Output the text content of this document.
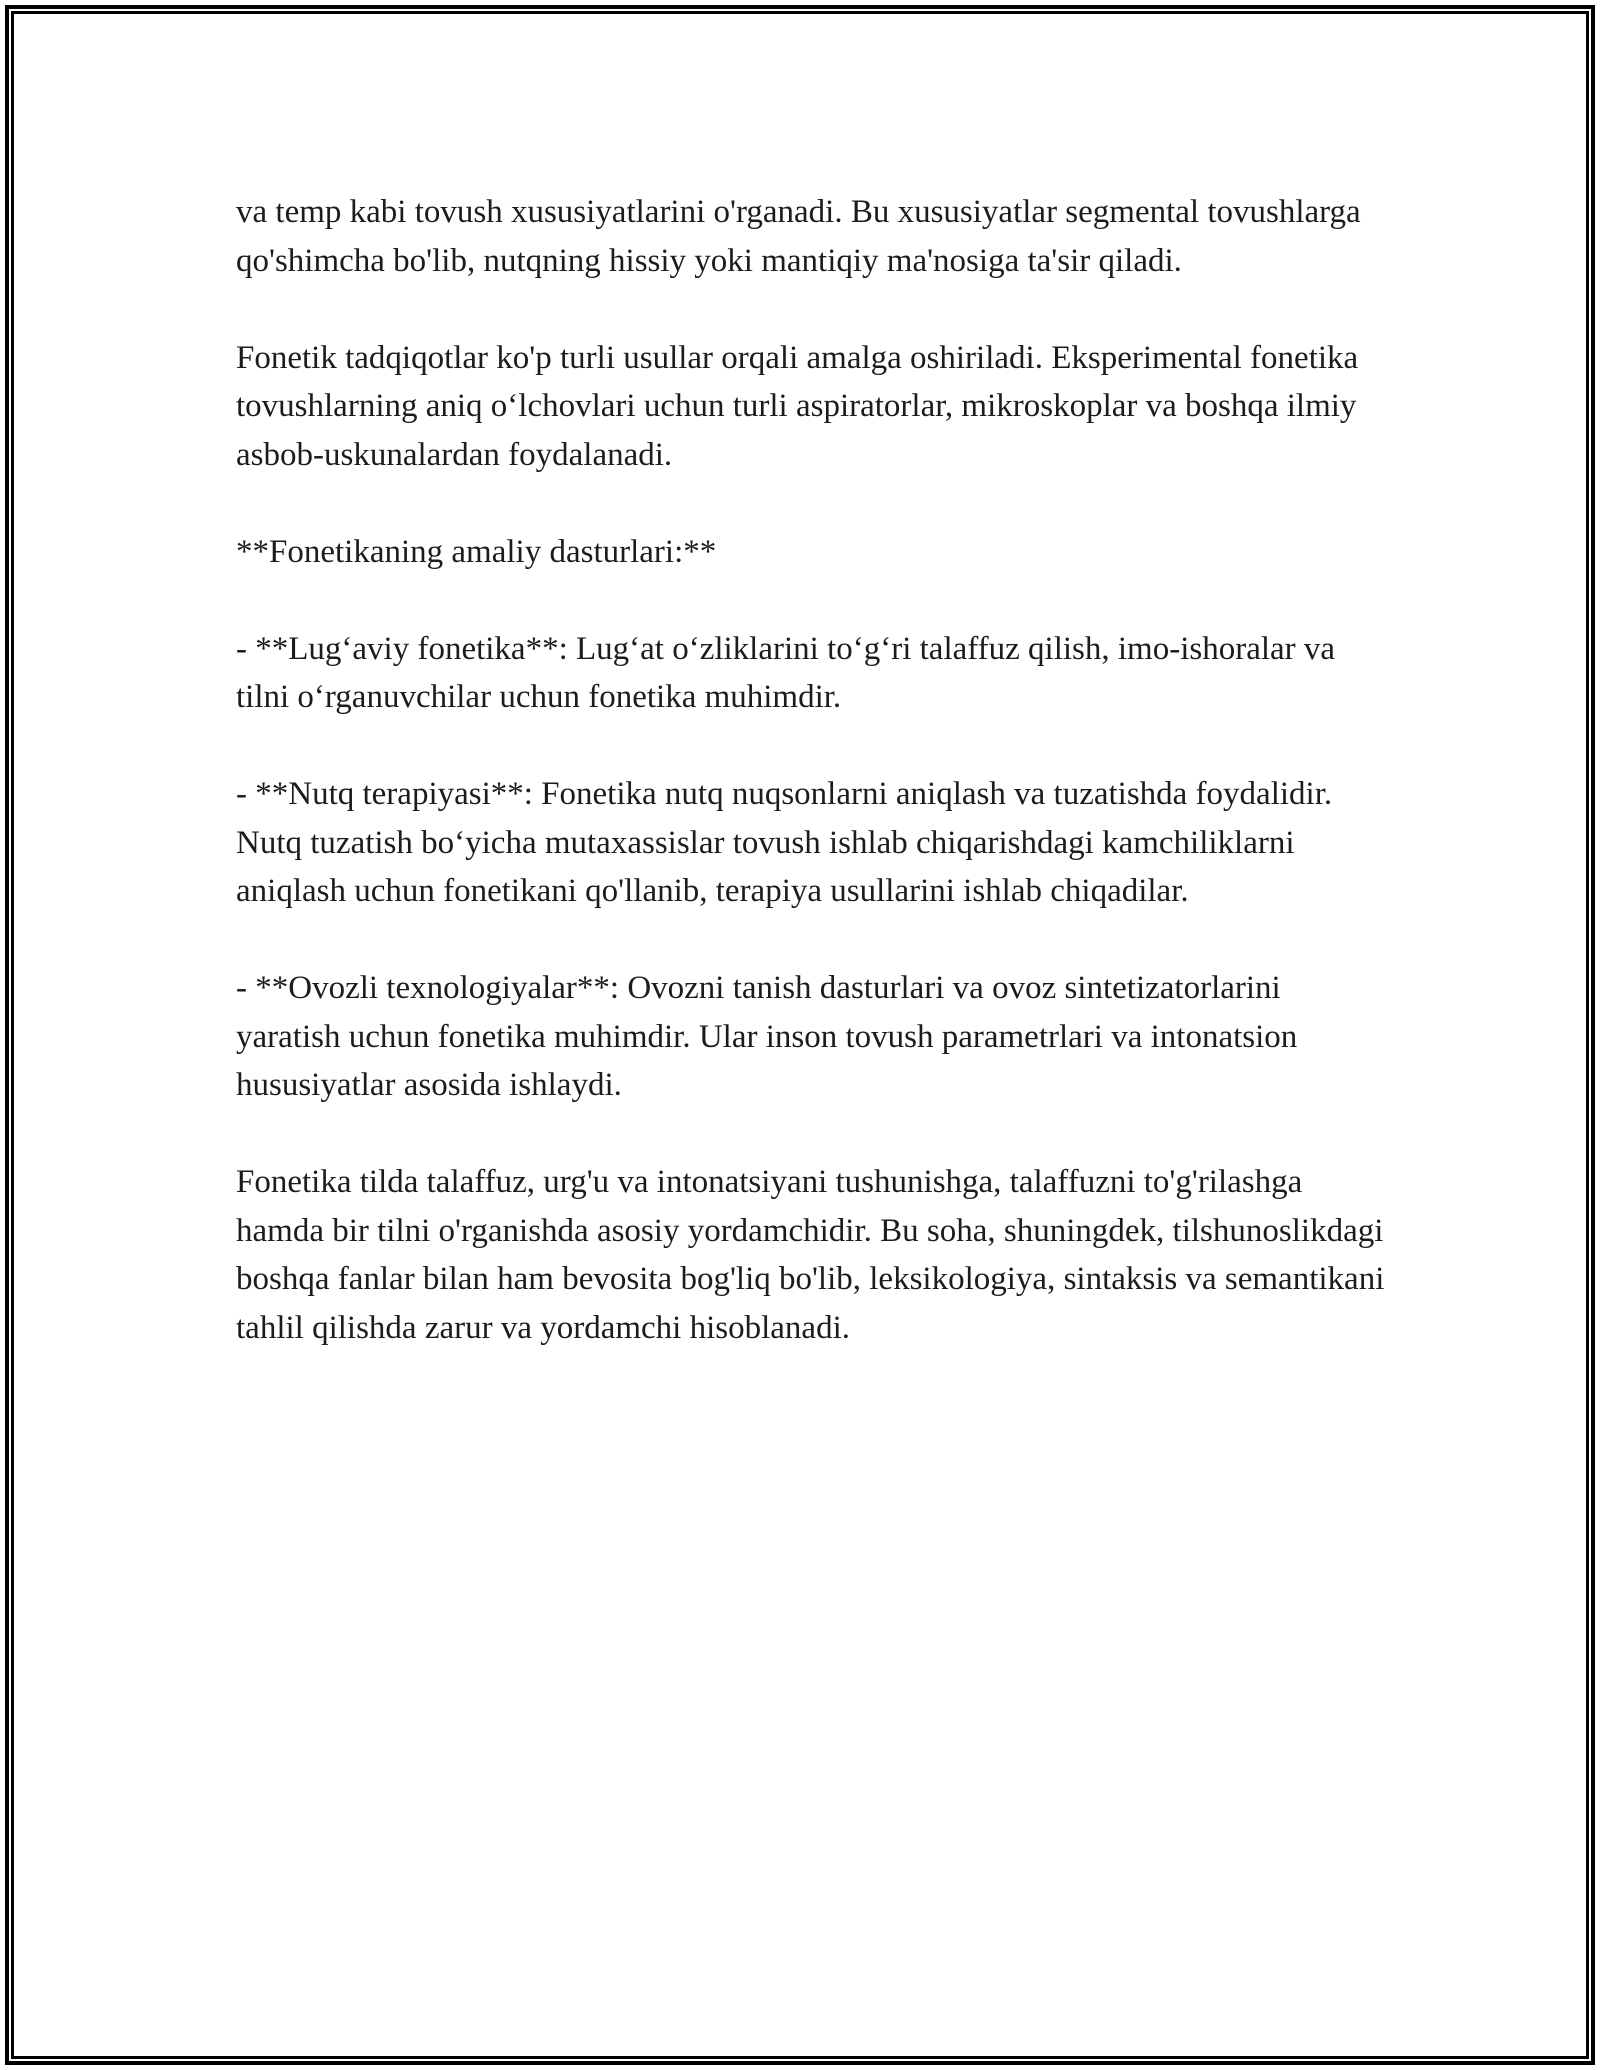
va temp kabi tovush xususiyatlarini o'rganadi. Bu xususiyatlar segmental tovushlarga qo'shimcha bo'lib, nutqning hissiy yoki mantiqiy ma'nosiga ta'sir qiladi.

Fonetik tadqiqotlar ko'p turli usullar orqali amalga oshiriladi. Eksperimental fonetika tovushlarning aniq o‘lchovlari uchun turli aspiratorlar, mikroskoplar va boshqa ilmiy asbob-uskunalardan foydalanadi.

**Fonetikaning amaliy dasturlari:**

- **Lug‘aviy fonetika**: Lug‘at o‘zliklarini to‘g‘ri talaffuz qilish, imo-ishoralar va tilni o‘rganuvchilar uchun fonetika muhimdir.

- **Nutq terapiyasi**: Fonetika nutq nuqsonlarni aniqlash va tuzatishda foydalidir. Nutq tuzatish bo‘yicha mutaxassislar tovush ishlab chiqarishdagi kamchiliklarni aniqlash uchun fonetikani qo'llanib, terapiya usullarini ishlab chiqadilar.

- **Ovozli texnologiyalar**: Ovozni tanish dasturlari va ovoz sintetizatorlarini yaratish uchun fonetika muhimdir. Ular inson tovush parametrlari va intonatsion hususiyatlar asosida ishlaydi.

Fonetika tilda talaffuz, urg'u va intonatsiyani tushunishga, talaffuzni to'g'rilashga hamda bir tilni o'rganishda asosiy yordamchidir. Bu soha, shuningdek, tilshunoslikdagi boshqa fanlar bilan ham bevosita bog'liq bo'lib, leksikologiya, sintaksis va semantikani tahlil qilishda zarur va yordamchi hisoblanadi.
